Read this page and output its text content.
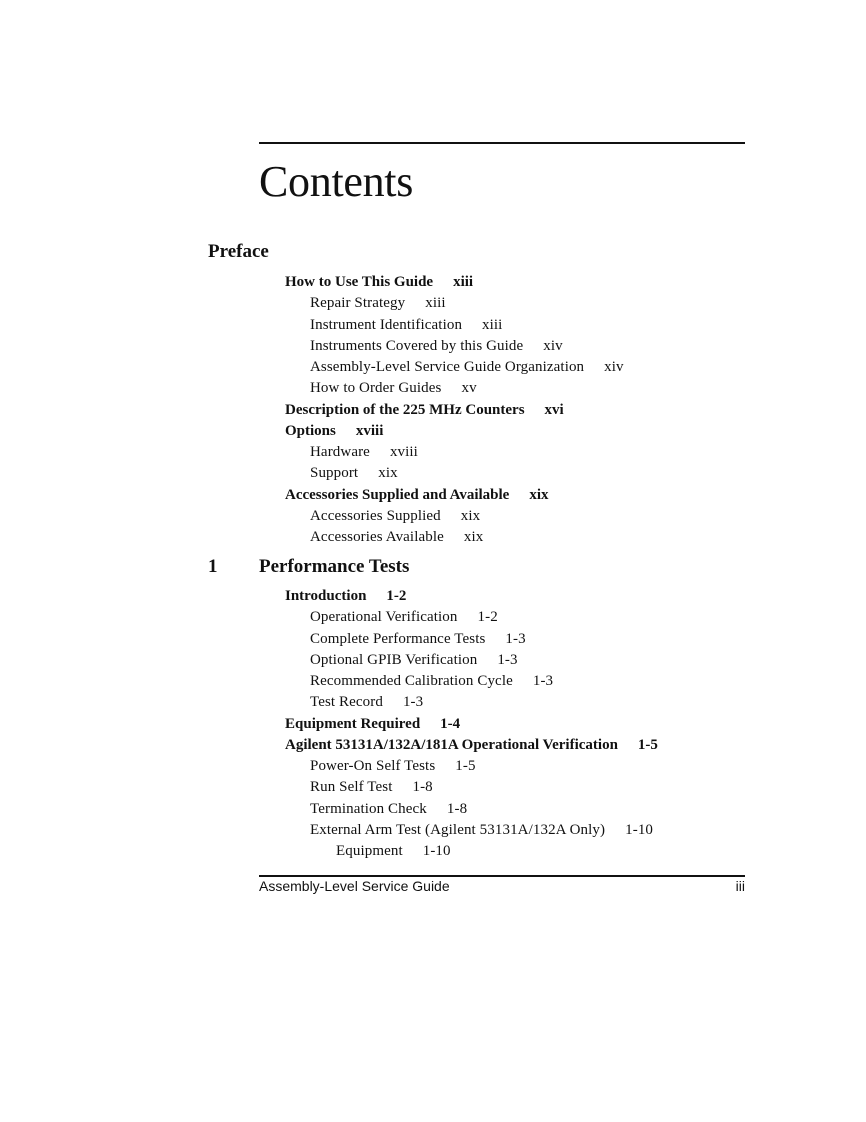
Contents
Preface
How to Use This Guide xiii
Repair Strategy xiii
Instrument Identification xiii
Instruments Covered by this Guide xiv
Assembly-Level Service Guide Organization xiv
How to Order Guides xv
Description of the 225 MHz Counters xvi
Options xviii
Hardware xviii
Support xix
Accessories Supplied and Available xix
Accessories Supplied xix
Accessories Available xix
1 Performance Tests
Introduction 1-2
Operational Verification 1-2
Complete Performance Tests 1-3
Optional GPIB Verification 1-3
Recommended Calibration Cycle 1-3
Test Record 1-3
Equipment Required 1-4
Agilent 53131A/132A/181A Operational Verification 1-5
Power-On Self Tests 1-5
Run Self Test 1-8
Termination Check 1-8
External Arm Test (Agilent 53131A/132A Only) 1-10
Equipment 1-10
Assembly-Level Service Guide	iii
